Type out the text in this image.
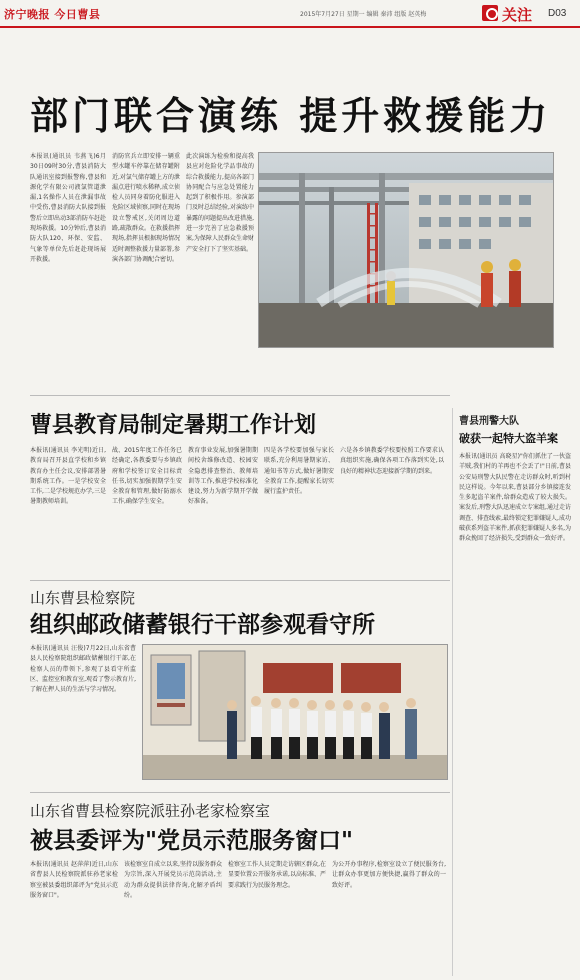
济宁晚报 今日曹县	2015年7月27日 星期一 编辑 秦沛 组版 赵英梅	关注 D03
部门联合演练 提升救援能力
本报讯(通讯员 韦燕飞)6月30日09时30分,曹县消防大队通讯室接到报警称,曹县和源化学有限公司液氯管道泄漏,1名操作人员在泄漏事故中受伤,曹县消防大队接到报警后立即出动3部消防车赶赴现场救援。10分钟后,曹县消防大队120、环保、安监、气象等单位先后赶赴现场展开救援。
消防官兵立即安排一辆重型水罐车停靠在储存罐附近,对氯气储存罐上方的泄漏点进行喷水稀释,成立侦检人员同身着防化服进入危险区域侦察,同时在现场设立警戒区,关闭周边道路,疏散群众。在救援指挥现场,指挥员根据现场情况适时调整救援力量部署,参演各部门协调配合密切。
此次演练为检验和提高我县应对危险化学品事故的综合救援能力,提高各部门协同配合与应急处置能力起到了积极作用。参演部门及时总结经验,对演练中暴露的问题提出改进措施,进一步完善了应急救援预案,为保障人民群众生命财产安全打下了坚实基础。
曹县教育局制定暑期工作计划
本报讯(通讯员 李光明)近日,教育局召开县直学校和乡镇教育办主任会议,安排部署暑期系统工作。一是学校安全工作,二是学校规范办学,三是暑期教师培训。
战、2015年度工作任务已经确定,各教委要与乡镇政府和学校签订安全目标责任书,切实加强假期学生安全教育和管理,做好防溺水工作,确保学生安全。
教育事业发展,加强暑期期间校舍维修改造、校园安全隐患排查整治、教师培训等工作,推进学校标准化建设,努力为新学期开学做好准备。
四是各学校要加强与家长联系,充分利用暑期家访、通知书等方式,做好暑期安全教育工作,提醒家长切实履行监护责任。
六是各乡镇教委学校要按照工作要求认真组织实施,确保各项工作落到实处,以良好的精神状态迎接新学期的到来。
山东曹县检察院
组织邮政储蓄银行干部参观看守所
本报讯(通讯员 汪俊)7月22日,山东省曹县人民检察院组织邮政储蓄银行干部,在检察人员的带领下,参观了县看守所监区、监控室和教育室,观看了警示教育片,了解在押人员的生活与学习情况。
山东省曹县检察院派驻孙老家检察室
被县委评为"党员示范服务窗口"
本报讯(通讯员 赵萍萍)近日,山东省曹县人民检察院派驻孙老家检察室被县委组织部评为"党员示范服务窗口"。
该检察室自成立以来,坚持以服务群众为宗旨,深入开展党员示范岗活动,主动为群众提供法律咨询,化解矛盾纠纷。
检察室工作人员定期走访辖区群众,在显要位置公开服务承诺,以高标准、严要求践行为民服务理念。
为公开办事程序,检察室设立了便民服务台,让群众办事更加方便快捷,赢得了群众的一致好评。
曹县刑警大队
破获一起特大盗羊案
本报讯(通讯员 高晓星)"你们抓住了一伙盗羊贼,我们村的羊再也不会丢了!"日前,曹县公安局刑警大队民警在走访群众时,听到村民这样说。今年以来,曹县部分乡镇接连发生多起盗羊案件,给群众造成了较大损失。案发后,刑警大队迅速成立专案组,通过走访调查、排查线索,最终锁定犯罪嫌疑人,成功破获系列盗羊案件,抓获犯罪嫌疑人多名,为群众挽回了经济损失,受到群众一致好评。
